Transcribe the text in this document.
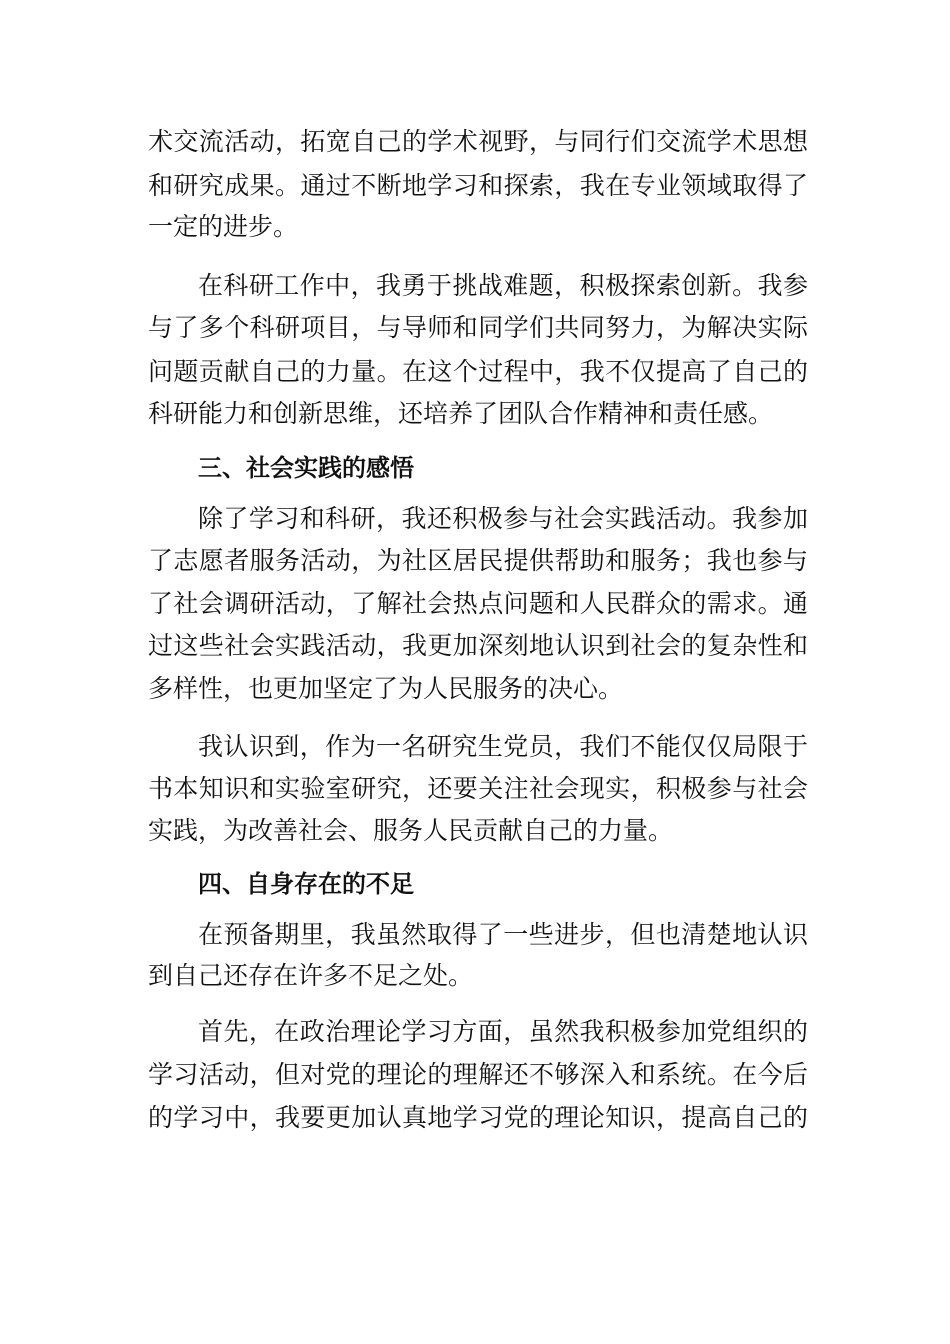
术交流活动，拓宽自己的学术视野，与同行们交流学术思想
和研究成果。通过不断地学习和探索，我在专业领域取得了
一定的进步。
在科研工作中，我勇于挑战难题，积极探索创新。我参
与了多个科研项目，与导师和同学们共同努力，为解决实际
问题贡献自己的力量。在这个过程中，我不仅提高了自己的
科研能力和创新思维，还培养了团队合作精神和责任感。
三、社会实践的感悟
除了学习和科研，我还积极参与社会实践活动。我参加
了志愿者服务活动，为社区居民提供帮助和服务；我也参与
了社会调研活动，了解社会热点问题和人民群众的需求。通
过这些社会实践活动，我更加深刻地认识到社会的复杂性和
多样性，也更加坚定了为人民服务的决心。
我认识到，作为一名研究生党员，我们不能仅仅局限于
书本知识和实验室研究，还要关注社会现实，积极参与社会
实践，为改善社会、服务人民贡献自己的力量。
四、自身存在的不足
在预备期里，我虽然取得了一些进步，但也清楚地认识
到自己还存在许多不足之处。
首先，在政治理论学习方面，虽然我积极参加党组织的
学习活动，但对党的理论的理解还不够深入和系统。在今后
的学习中，我要更加认真地学习党的理论知识，提高自己的
